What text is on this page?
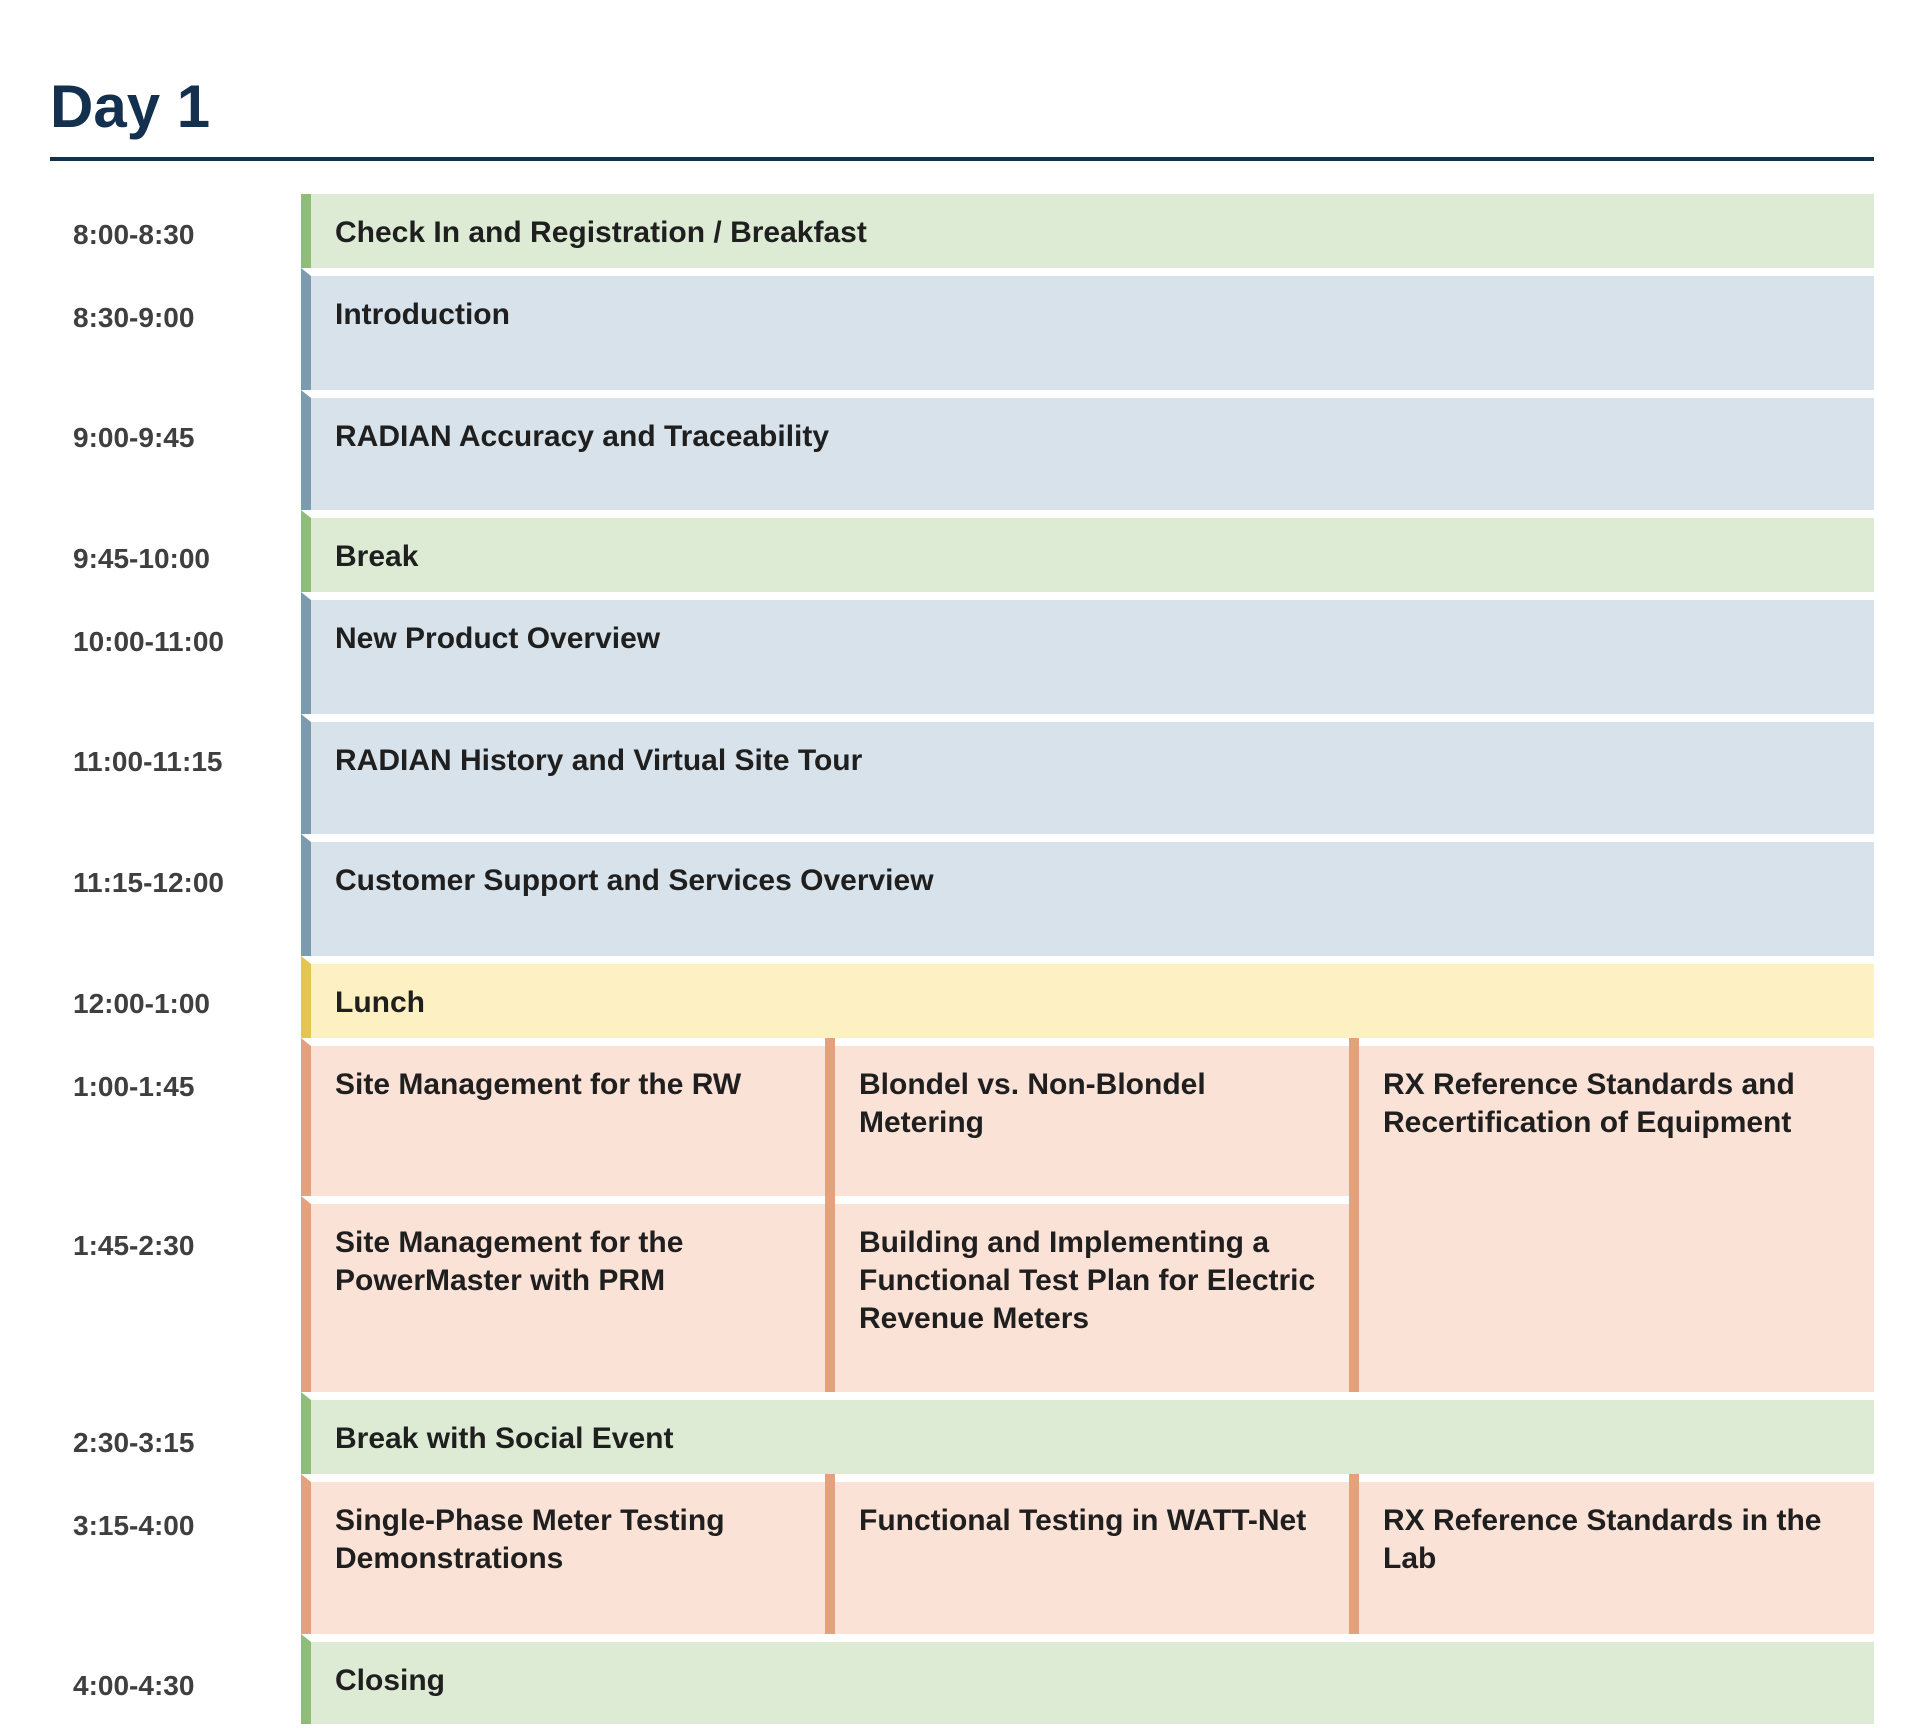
Day 1
8:00-8:30
8:30-9:00
9:00-9:45
9:45-10:00
10:00-11:00
11:00-11:15
11:15-12:00
12:00-1:00
1:00-1:45
1:45-2:30
2:30-3:15
3:15-4:00
4:00-4:30
Check In and Registration / Breakfast
Introduction
RADIAN Accuracy and Traceability
Break
New Product Overview
RADIAN History and Virtual Site Tour
Customer Support and Services Overview
Lunch
Site Management for the RW	Blondel vs. Non-Blondel Metering
RX Reference Standards and Recertification of Equipment
Site Management for the PowerMaster with PRM
Building and Implementing a Functional Test Plan for Electric Revenue Meters
Break with Social Event
Single-Phase Meter Testing Demonstrations
Functional Testing in WATT-Net	RX Reference Standards in the Lab
Closing
